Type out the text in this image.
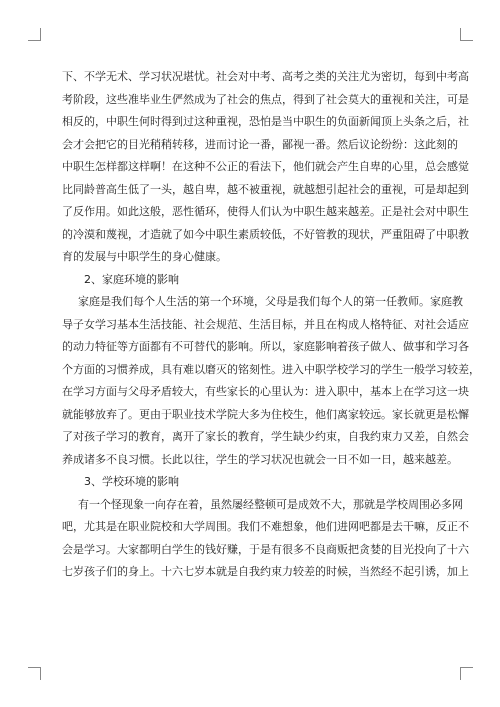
下、不学无术、学习状况堪忧。社会对中考、高考之类的关注尤为密切，每到中考高
考阶段，这些准毕业生俨然成为了社会的焦点，得到了社会莫大的重视和关注，可是
相反的，中职生何时得到过这种重视，恐怕是当中职生的负面新闻顶上头条之后，社
会才会把它的目光稍稍转移，进而讨论一番，鄙视一番。然后议论纷纷：这此刻的
中职生怎样都这样啊！在这种不公正的看法下，他们就会产生自卑的心里，总会感觉
比同龄普高生低了一头，越自卑，越不被重视，就越想引起社会的重视，可是却起到
了反作用。如此这般，恶性循环，使得人们认为中职生越来越差。正是社会对中职生
的冷漠和蔑视，才造就了如今中职生素质较低，不好管教的现状，严重阻碍了中职教
育的发展与中职学生的身心健康。
2、家庭环境的影响
家庭是我们每个人生活的第一个环境，父母是我们每个人的第一任教师。家庭教
导子女学习基本生活技能、社会规范、生活目标，并且在构成人格特征、对社会适应
的动力特征等方面都有不可替代的影响。所以，家庭影响着孩子做人、做事和学习各
个方面的习惯养成，具有难以磨灭的铭刻性。进入中职学校学习的学生一般学习较差，
在学习方面与父母矛盾较大，有些家长的心里认为：进入职中，基本上在学习这一块
就能够放弃了。更由于职业技术学院大多为住校生，他们离家较远。家长就更是松懈
了对孩子学习的教育，离开了家长的教育，学生缺少约束，自我约束力又差，自然会
养成诸多不良习惯。长此以往，学生的学习状况也就会一日不如一日，越来越差。
3、学校环境的影响
有一个怪现象一向存在着，虽然屡经整顿可是成效不大，那就是学校周围必多网
吧，尤其是在职业院校和大学周围。我们不难想象，他们进网吧都是去干嘛，反正不
会是学习。大家都明白学生的钱好赚，于是有很多不良商贩把贪婪的目光投向了十六
七岁孩子们的身上。十六七岁本就是自我约束力较差的时候，当然经不起引诱，加上
